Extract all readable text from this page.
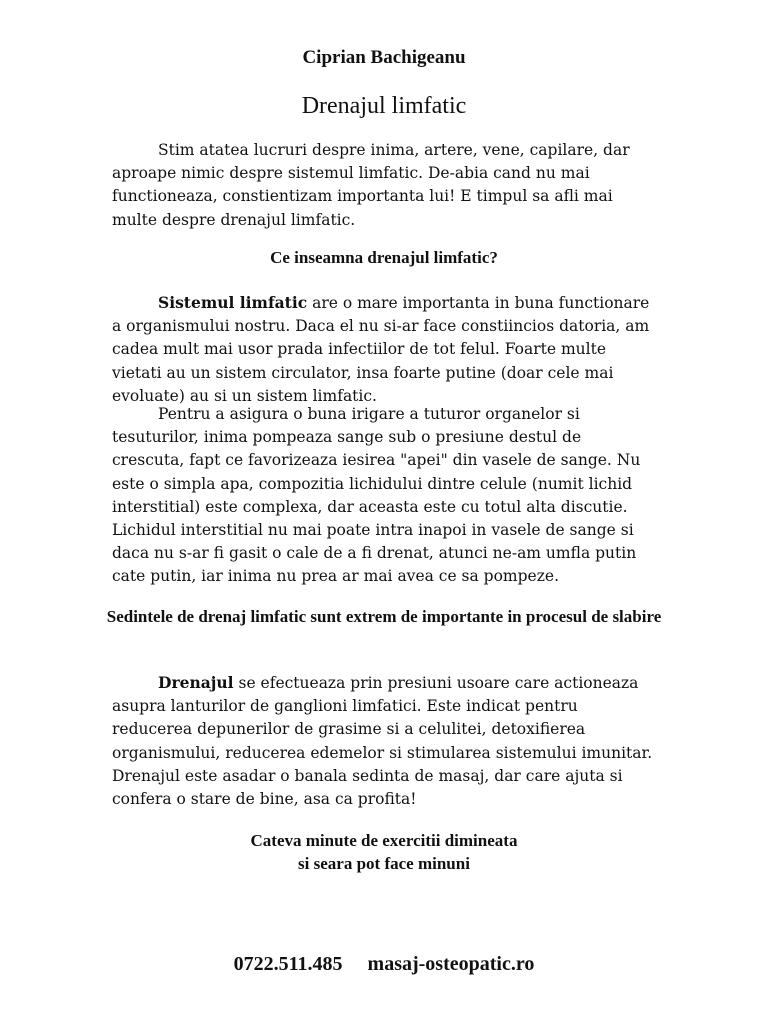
Ciprian Bachigeanu
Drenajul limfatic

Stim atatea lucruri despre inima, artere, vene, capilare, dar aproape nimic despre sistemul limfatic. De-abia cand nu mai functioneaza, constientizam importanta lui! E timpul sa afli mai multe despre drenajul limfatic.

Ce inseamna drenajul limfatic?

Sistemul limfatic are o mare importanta in buna functionare a organismului nostru. Daca el nu si-ar face constiincios datoria, am cadea mult mai usor prada infectiilor de tot felul. Foarte multe vietati au un sistem circulator, insa foarte putine (doar cele mai evoluate) au si un sistem limfatic.

Pentru a asigura o buna irigare a tuturor organelor si tesuturilor, inima pompeaza sange sub o presiune destul de crescuta, fapt ce favorizeaza iesirea "apei" din vasele de sange. Nu este o simpla apa, compozitia lichidului dintre celule (numit lichid interstitial) este complexa, dar aceasta este cu totul alta discutie. Lichidul interstitial nu mai poate intra inapoi in vasele de sange si daca nu s-ar fi gasit o cale de a fi drenat, atunci ne-am umfla putin cate putin, iar inima nu prea ar mai avea ce sa pompeze.

Sedintele de drenaj limfatic sunt extrem de importante in procesul de slabire

Drenajul se efectueaza prin presiuni usoare care actioneaza asupra lanturilor de ganglioni limfatici. Este indicat pentru reducerea depunerilor de grasime si a celulitei, detoxifierea organismului, reducerea edemelor si stimularea sistemului imunitar. Drenajul este asadar o banala sedinta de masaj, dar care ajuta si confera o stare de bine, asa ca profita!

Cateva minute de exercitii dimineata
si seara pot face minuni
0722.511.485 masaj-osteopatic.ro
